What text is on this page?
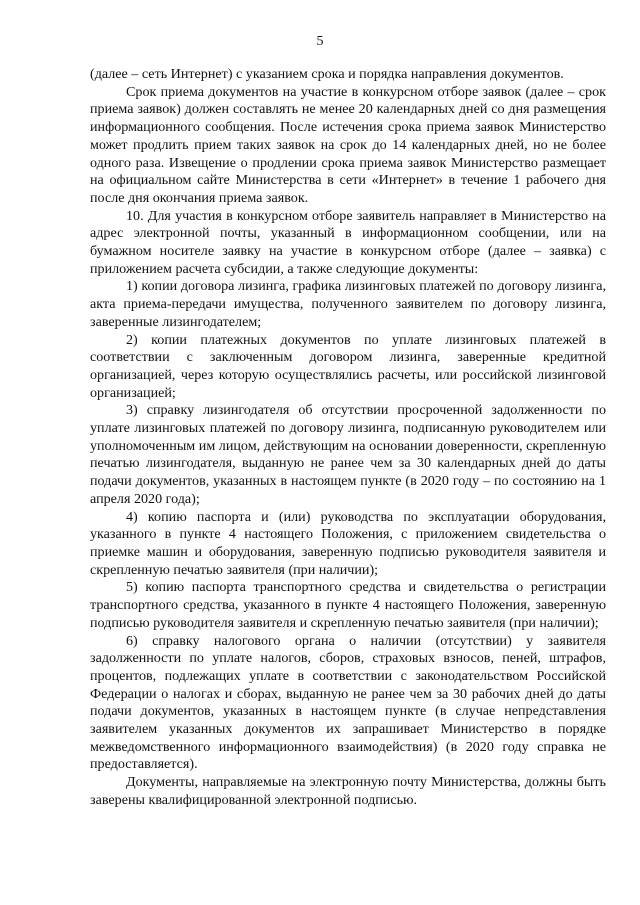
5

(далее – сеть Интернет) с указанием срока и порядка направления документов.

Срок приема документов на участие в конкурсном отборе заявок (далее – срок приема заявок) должен составлять не менее 20 календарных дней со дня размещения информационного сообщения. После истечения срока приема заявок Министерство может продлить прием таких заявок на срок до 14 календарных дней, но не более одного раза. Извещение о продлении срока приема заявок Министерство размещает на официальном сайте Министерства в сети «Интернет» в течение 1 рабочего дня после дня окончания приема заявок.

10. Для участия в конкурсном отборе заявитель направляет в Министерство на адрес электронной почты, указанный в информационном сообщении, или на бумажном носителе заявку на участие в конкурсном отборе (далее – заявка) с приложением расчета субсидии, а также следующие документы:

1) копии договора лизинга, графика лизинговых платежей по договору лизинга, акта приема-передачи имущества, полученного заявителем по договору лизинга, заверенные лизингодателем;

2) копии платежных документов по уплате лизинговых платежей в соответствии с заключенным договором лизинга, заверенные кредитной организацией, через которую осуществлялись расчеты, или российской лизинговой организацией;

3) справку лизингодателя об отсутствии просроченной задолженности по уплате лизинговых платежей по договору лизинга, подписанную руководителем или уполномоченным им лицом, действующим на основании доверенности, скрепленную печатью лизингодателя, выданную не ранее чем за 30 календарных дней до даты подачи документов, указанных в настоящем пункте (в 2020 году – по состоянию на 1 апреля 2020 года);

4) копию паспорта и (или) руководства по эксплуатации оборудования, указанного в пункте 4 настоящего Положения, с приложением свидетельства о приемке машин и оборудования, заверенную подписью руководителя заявителя и скрепленную печатью заявителя (при наличии);

5) копию паспорта транспортного средства и свидетельства о регистрации транспортного средства, указанного в пункте 4 настоящего Положения, заверенную подписью руководителя заявителя и скрепленную печатью заявителя (при наличии);

6) справку налогового органа о наличии (отсутствии) у заявителя задолженности по уплате налогов, сборов, страховых взносов, пеней, штрафов, процентов, подлежащих уплате в соответствии с законодательством Российской Федерации о налогах и сборах, выданную не ранее чем за 30 рабочих дней до даты подачи документов, указанных в настоящем пункте (в случае непредставления заявителем указанных документов их запрашивает Министерство в порядке межведомственного информационного взаимодействия) (в 2020 году справка не предоставляется).

Документы, направляемые на электронную почту Министерства, должны быть заверены квалифицированной электронной подписью.
